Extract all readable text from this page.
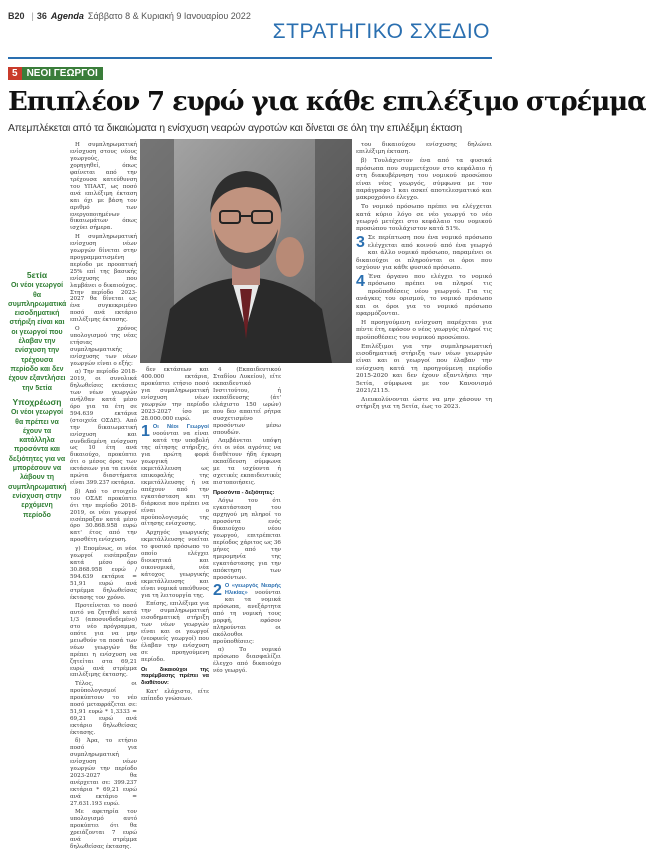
B20 | 36 Agenda Σάββατο 8 & Κυριακή 9 Ιανουαρίου 2022
ΣΤΡΑΤΗΓΙΚΟ ΣΧΕΔΙΟ
5 ΝΕΟΙ ΓΕΩΡΓΟΙ
Επιπλέον 7 ευρώ για κάθε επιλέξιμο στρέμμα
Απεμπλέκεται από τα δικαιώματα η ενίσχυση νεαρών αγροτών και δίνεται σε όλη την επιλέξιμη έκταση
5ετία
Οι νέοι γεωργοί θα συμπληρωματικά εισοδηματική στήριξη είναι και οι γεωργοί που έλαβαν την ενίσχυση την τρέχουσα περίοδο και δεν έχουν εξαντλήσει την 5ετία
Υποχρέωση
Οι νέοι γεωργοί θα πρέπει να έχουν τα κατάλληλα προσόντα και δεξιότητες για να μπορέσουν να λάβουν τη συμπληρωματική ενίσχυση στην ερχόμενη περίοδο

Η συμπληρωματική ενίσχυση στους νέους γεωργούς, θα χορηγηθεί, όπως φαίνεται από την τρέχουσα κατεύθυνση του ΥΠΑΑΤ, ως ποσό ανά επιλέξιμη έκταση και όχι με βάση τον αριθμό των ενεργοποιημένων δικαιωμάτων όπως ισχύει σήμερα.

Η συμπληρωματική ενίσχυση νέων γεωργών δίνεται στην προγραμματισμένη περίοδο με προοπτική 25% επί της βασικής ενίσχυσης που λαμβάνει ο δικαιούχος. Στην περίοδο 2023-2027 θα δίνεται ως ένα συγκεκριμένο ποσό ανά εκτάριο επιλέξιμης έκτασης.

Ο χρόνος υπολογισμού της νέας ετήσιας συμπληρωματικής ενίσχυσης των νέων γεωργών είναι ο εξής:

α) Την περίοδο 2018-2019, οι συνολικά δηλωθείσες εκτάσεις των νέων γεωργών ανήλθαν κατά μέσο όρο για τα έτη σε 594.639 εκτάρια (στοιχεία ΟΣΔΕ). Από την δικαιωματική ενίσχυση και συνδεδεμένη ενίσχυση ως 10 έτη ανά δικαιούχο, προκύπτει ότι ο μέσος όρος των εκτάσεων για τα εννέα πρώτα διαστήματα είναι 399.237 εκτάρια.

β) Από το στοιχείο του ΟΣΔΕ προκύπτει ότι την περίοδο 2018-2019, οι νέοι γεωργοί εισέπραξαν κατά μέσο όρο 30.868.958 ευρώ κατ' έτος από την προσθέτη ενίσχυση.

γ) Επομένως, οι νέοι γεωργοί εισέπραξαν κατά μέσο όρο 30.868.958 ευρώ / 594.639 εκτάρια = 51,91 ευρώ ανά στρέμμα δηλωθείσας έκτασης τον χρόνο.

Προτείνεται το ποσό αυτό να ζητηθεί κατά 1/3 (αποσυνδεδεμένο) στο νέο πρόγραμμα, οπότε για να μην μειωθούν τα ποσά των νέων γεωργών θα πρέπει η ενίσχυση να ζητείται στα 69,21 ευρώ ανά στρέμμα επιλέξιμης έκτασης.

Τέλος, οι προϋπολογισμοί προκύπτουν το νέο ποσό μεταφράζεται σε: 51,91 ευρώ * 1,3333 = 69,21 ευρώ ανά εκτάριο δηλωθείσας έκτασης.

δ) Άρα, το ετήσιο ποσό για συμπληρωματική ενίσχυση νέων γεωργών την περίοδο 2023-2027 θα ανέρχεται σε: 399.237 εκτάρια * 69,21 ευρώ ανά εκτάριο = 27.631.193 ευρώ.

Με αφετηρία τον υπολογισμό αυτό προκύπτει ότι θα χρειάζονται 7 ευρώ ανά στρέμμα δηλωθείσας έκτασης.

δεν εκτάσεων και 400.000 εκτάρια, προκύπτει ετήσιο ποσό για συμπληρωματική ενίσχυση νέων γεωργών την περίοδο 2023-2027 ίσο με 28.000.000 ευρώ.

1 Οι Νέοι Γεωργοί νοούνται να είναι κατά την υποβολή της αίτησης στήριξης, για πρώτη φορά γεωργική εκμετάλλευση ως επικεφαλής της εκμετάλλευσης ή να απέχουν από την εγκατάσταση και τη διάρκεια που πρέπει να είναι ο προϋπολογισμός της αίτησης ενίσχυσης.

Αρχηγός γεωργικής εκμετάλλευσης νοείται το φυσικό πρόσωπο το οποίο ελέγχει διοικητικά και οικονομικά, νέα κάτοχος γεωργικής εκμετάλλευσης και είναι νομικά υπεύθυνος για τη λειτουργία της.

Επίσης, επιλέξιμα για την συμπληρωματική εισοδηματική στήριξη των νέων γεωργών είναι και οι γεωργοί (νεοφυείς γεωργοί) που έλαβαν την ενίσχυση σε προηγούμενη περίοδο.

Οι δικαιούχοι της παρέμβασης πρέπει να διαθέτουν:

Κατ' ελάχιστο, είτε επίπεδο γνώσεων.

4 (Εκπαιδευτικού Σταδίου Λυκείου), είτε εκπαιδευτικό Ινστιτούτου, ή εκπαίδευσης (άτ' ελάχιστο 150 ωρών) που δεν απαιτεί ρήτρα συσχετισμένο προσόντων μέσω σπουδών.

Λαμβάνεται υπόψη ότι οι νέοι αγρότες να διαθέτουν ήδη έγκυρη εκπαίδευση σύμφωνα με τα ισχύοντα ή σχετικές εκπαιδευτικές πιστοποιήσεις.

Προσόντα - δεξιότητες:

Λόγω του ότι εγκατάσταση του αρχηγού μη πληροί το προσόντα ενός δικαιούχου νέου γεωργού, επιτρέπεται περίοδος χάριτος ως 36 μήνες από την ημερομηνία της εγκατάστασης για την απόκτηση των προσόντων.

2 Ο «γεωργός Νεαρής Ηλικίας» νοούνται και τα νομικά πρόσωπα, ανεξάρτητα από τη νομική τους μορφή, εφόσον πληρούνται οι ακόλουθοι προϋποθέσεις:

α) Το νομικό πρόσωπο διασφαλίζει έλεγχο από δικαιούχο νέο γεωργό.

του δικαιούχου ενίσχυσης δηλώνει επιλέξιμη έκταση.

β) Τουλάχιστον ένα από τα φυσικά πρόσωπα που συμμετέχουν στο κεφάλαιο ή στη διακυβέρνηση του νομικού προσώπου είναι νέος γεωργός, σύμφωνα με τον παράγραφο 1 και ασκεί αποτελεσματικό και μακροχρόνιο έλεγχο.

Το νομικό πρόσωπο πρέπει να ελέγχεται κατά κύριο λόγο σε νέο γεωργό το νέο γεωργό μετέχει στο κεφάλαιο του νομικού προσώπου τουλάχιστον κατά 51%.

3 Σε περίπτωση που ένα νομικό πρόσωπο ελέγχεται από κοινού από ένα γεωργό και άλλο νομικό πρόσωπο, παραμένει οι δικαιούχοι οι πληρούνται οι όροι που ισχύουν για κάθε φυσικό πρόσωπο.

4 Ένα όργανο που ελέγχει το νομικό πρόσωπο πρέπει να πληροί τις προϋποθέσεις νέου γεωργού. Για τις ανάγκες του ορισμού, το νομικό πρόσωπο και οι όροι για το νομικό πρόσωπο εφαρμόζονται.

Η προηγούμενη ενίσχυση παρέχεται για πέντε έτη, εφόσον ο νέος γεωργός πληροί τις προϋποθέσεις του νομικού προσώπου.

Επιλέξιμοι για την συμπληρωματική εισοδηματική στήριξη των νέων γεωργών είναι και οι γεωργοί που έλαβαν την ενίσχυση κατά τη προηγούμενη περίοδο 2015-2020 και δεν έχουν εξαντλήσει την 5ετία, σύμφωνα με τον Κανονισμό 2021/2115.

Διευκολύνονται ώστε να μην χάσουν τη στήριξη για τη 5ετία, έως το 2023.
